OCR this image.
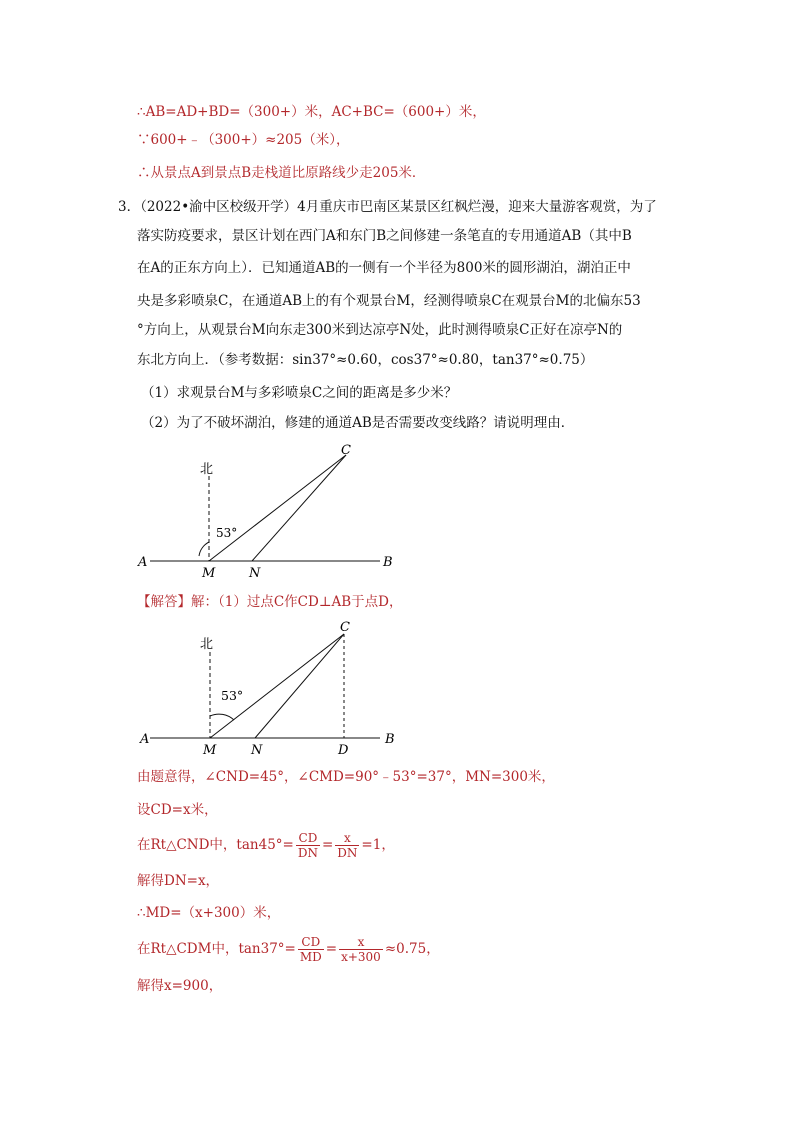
∴AB=AD+BD=（300+）米，AC+BC=（600+）米，
∵600+﹣（300+）≈205（米），
∴从景点A到景点B走栈道比原路线少走205米．
3．（2022•渝中区校级开学）4月重庆市巴南区某景区红枫烂漫，迎来大量游客观赏，为了
落实防疫要求，景区计划在西门A和东门B之间修建一条笔直的专用通道AB（其中B
在A的正东方向上）．已知通道AB的一侧有一个半径为800米的圆形湖泊，湖泊正中
央是多彩喷泉C，在通道AB上的有个观景台M，经测得喷泉C在观景台M的北偏东53
°方向上，从观景台M向东走300米到达凉亭N处，此时测得喷泉C正好在凉亭N的
东北方向上．（参考数据：sin37°≈0.60，cos37°≈0.80，tan37°≈0.75）
（1）求观景台M与多彩喷泉C之间的距离是多少米？
（2）为了不破坏湖泊，修建的通道AB是否需要改变线路？请说明理由．
北
53°
A	B
C
M	N
【解答】解：（1）过点C作CD⊥AB于点D，
北
53°
A	B
C
M	N	D
由题意得，∠CND=45°，∠CMD=90°﹣53°=37°，MN=300米，
设CD=x米，
在Rt△CND中，$\tan 45^\circ= \frac{CD}{DN} = \frac{x}{DN} =1$，
解得DN=x，
∴MD=（x+300）米，
在Rt△CDM中，$\tan 37^\circ= \frac{CD}{MD} = \frac{x}{x+300} \approx 0.75$，
解得x=900，
